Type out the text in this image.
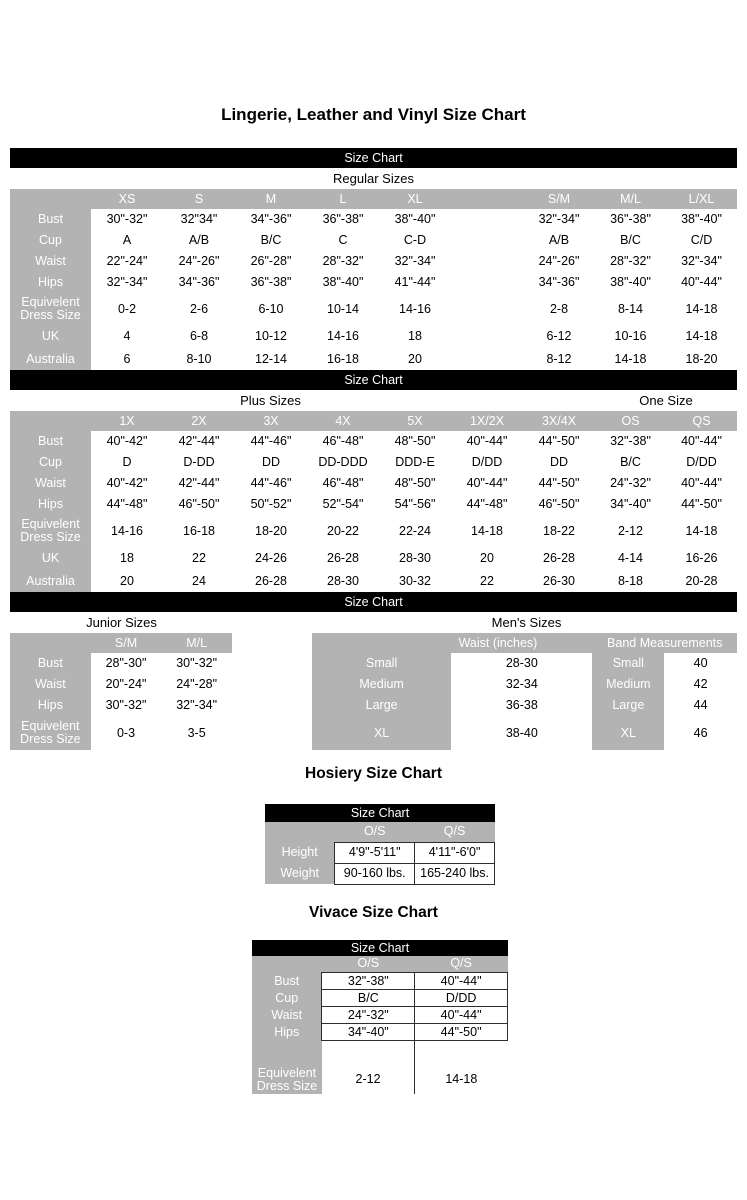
Lingerie, Leather and Vinyl Size Chart
Size Chart
Regular Sizes
	XS	S	M	L	XL		S/M	M/L	L/XL
Bust	30"-32"	32"34"	34"-36"	36"-38"	38"-40"		32"-34"	36"-38"	38"-40"
Cup	A	A/B	B/C	C	C-D		A/B	B/C	C/D
Waist	22"-24"	24"-26"	26"-28"	28"-32"	32"-34"		24"-26"	28"-32"	32"-34"
Hips	32"-34"	34"-36"	36"-38"	38"-40"	41"-44"		34"-36"	38"-40"	40"-44"
Equivelent Dress Size	0-2	2-6	6-10	10-14	14-16		2-8	8-14	14-18
UK	4	6-8	10-12	14-16	18		6-12	10-16	14-18
Australia	6	8-10	12-14	16-18	20		8-12	14-18	18-20
Size Chart
Plus Sizes	One Size
	1X	2X	3X	4X	5X	1X/2X	3X/4X	OS	QS
Bust	40"-42"	42"-44"	44"-46"	46"-48"	48"-50"	40"-44"	44"-50"	32"-38"	40"-44"
Cup	D	D-DD	DD	DD-DDD	DDD-E	D/DD	DD	B/C	D/DD
Waist	40"-42"	42"-44"	44"-46"	46"-48"	48"-50"	40"-44"	44"-50"	24"-32"	40"-44"
Hips	44"-48"	46"-50"	50"-52"	52"-54"	54"-56"	44"-48"	46"-50"	34"-40"	44"-50"
Equivelent Dress Size	14-16	16-18	18-20	20-22	22-24	14-18	18-22	2-12	14-18
UK	18	22	24-26	26-28	28-30	20	26-28	4-14	16-26
Australia	20	24	26-28	28-30	30-32	22	26-30	8-18	20-28
Size Chart
Junior Sizes	Men's Sizes
	S/M	M/L
Bust	28"-30"	30"-32"
Waist	20"-24"	24"-28"
Hips	30"-32"	32"-34"
Equivelent Dress Size	0-3	3-5
	Waist (inches)		Band Measurements	
Small		28-30	Small	40
Medium		32-34	Medium	42
Large		36-38	Large	44
XL		38-40	XL	46
Hosiery Size Chart
Size Chart
	O/S	Q/S
Height	4'9"-5'11"	4'11"-6'0"
Weight	90-160 lbs.	165-240 lbs.
Vivace Size Chart
Size Chart
	O/S	Q/S
Bust	32"-38"	40"-44"
Cup	B/C	D/DD
Waist	24"-32"	40"-44"
Hips	34"-40"	44"-50"

Equivelent Dress Size	2-12	14-18
